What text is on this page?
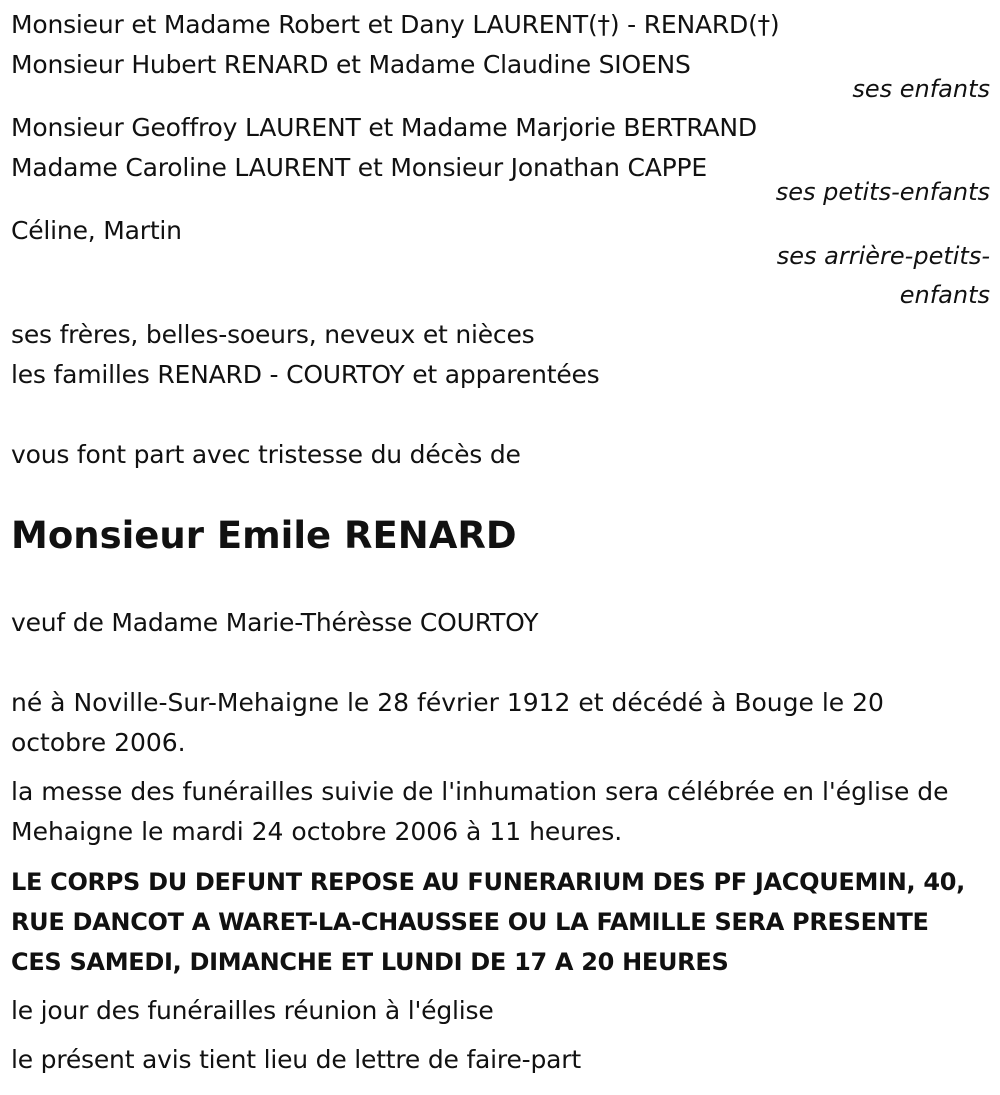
Monsieur et Madame Robert et Dany LAURENT(†) - RENARD(†)
Monsieur Hubert RENARD et Madame Claudine SIOENS
ses enfants
Monsieur Geoffroy LAURENT et Madame Marjorie BERTRAND
Madame Caroline LAURENT et Monsieur Jonathan CAPPE
ses petits-enfants
Céline, Martin
ses arrière-petits-
enfants
ses frères, belles-soeurs, neveux et nièces
les familles RENARD - COURTOY et apparentées
vous font part avec tristesse du décès de
Monsieur Emile RENARD
veuf de Madame Marie-Thérèsse COURTOY
né à Noville-Sur-Mehaigne le 28 février 1912 et décédé à Bouge le 20 octobre 2006.
la messe des funérailles suivie de l'inhumation sera célébrée en l'église de Mehaigne le mardi 24 octobre 2006 à 11 heures.
LE CORPS DU DEFUNT REPOSE AU FUNERARIUM DES PF JACQUEMIN, 40, RUE DANCOT A WARET-LA-CHAUSSEE OU LA FAMILLE SERA PRESENTE CES SAMEDI, DIMANCHE ET LUNDI DE 17 A 20 HEURES
le jour des funérailles réunion à l'église
le présent avis tient lieu de lettre de faire-part
